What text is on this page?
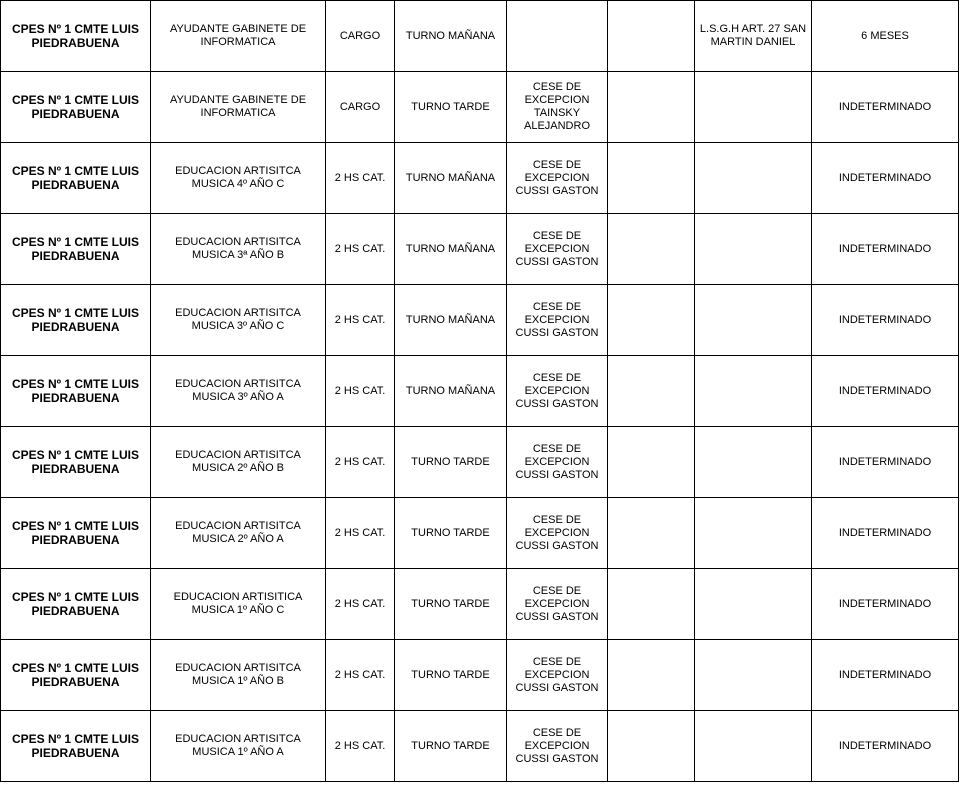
CPES Nº 1 CMTE LUIS PIEDRABUENA	AYUDANTE GABINETE DE INFORMATICA	CARGO	TURNO MAÑANA			L.S.G.H ART. 27 SAN MARTIN DANIEL	6 MESES
CPES Nº 1 CMTE LUIS PIEDRABUENA	AYUDANTE GABINETE DE INFORMATICA	CARGO	TURNO TARDE	CESE DE EXCEPCION TAINSKY ALEJANDRO			INDETERMINADO
CPES Nº 1 CMTE LUIS PIEDRABUENA	EDUCACION ARTISITCA MUSICA 4º AÑO C	2 HS CAT.	TURNO MAÑANA	CESE DE EXCEPCION CUSSI GASTON			INDETERMINADO
CPES Nº 1 CMTE LUIS PIEDRABUENA	EDUCACION ARTISITCA MUSICA 3ª AÑO B	2 HS CAT.	TURNO MAÑANA	CESE DE EXCEPCION CUSSI GASTON			INDETERMINADO
CPES Nº 1 CMTE LUIS PIEDRABUENA	EDUCACION ARTISITCA MUSICA 3º AÑO C	2 HS CAT.	TURNO MAÑANA	CESE DE EXCEPCION CUSSI GASTON			INDETERMINADO
CPES Nº 1 CMTE LUIS PIEDRABUENA	EDUCACION ARTISITCA MUSICA 3º AÑO A	2 HS CAT.	TURNO MAÑANA	CESE DE EXCEPCION CUSSI GASTON			INDETERMINADO
CPES Nº 1 CMTE LUIS PIEDRABUENA	EDUCACION ARTISITCA MUSICA 2º AÑO B	2 HS CAT.	TURNO TARDE	CESE DE EXCEPCION CUSSI GASTON			INDETERMINADO
CPES Nº 1 CMTE LUIS PIEDRABUENA	EDUCACION ARTISITCA MUSICA 2º AÑO A	2 HS CAT.	TURNO TARDE	CESE DE EXCEPCION CUSSI GASTON			INDETERMINADO
CPES Nº 1 CMTE LUIS PIEDRABUENA	EDUCACION ARTISITICA MUSICA 1º AÑO C	2 HS CAT.	TURNO TARDE	CESE DE EXCEPCION CUSSI GASTON			INDETERMINADO
CPES Nº 1 CMTE LUIS PIEDRABUENA	EDUCACION ARTISITCA MUSICA 1º AÑO B	2 HS CAT.	TURNO TARDE	CESE DE EXCEPCION CUSSI GASTON			INDETERMINADO
CPES Nº 1 CMTE LUIS PIEDRABUENA	EDUCACION ARTISITCA MUSICA 1º AÑO A	2 HS CAT.	TURNO TARDE	CESE DE EXCEPCION CUSSI GASTON			INDETERMINADO
